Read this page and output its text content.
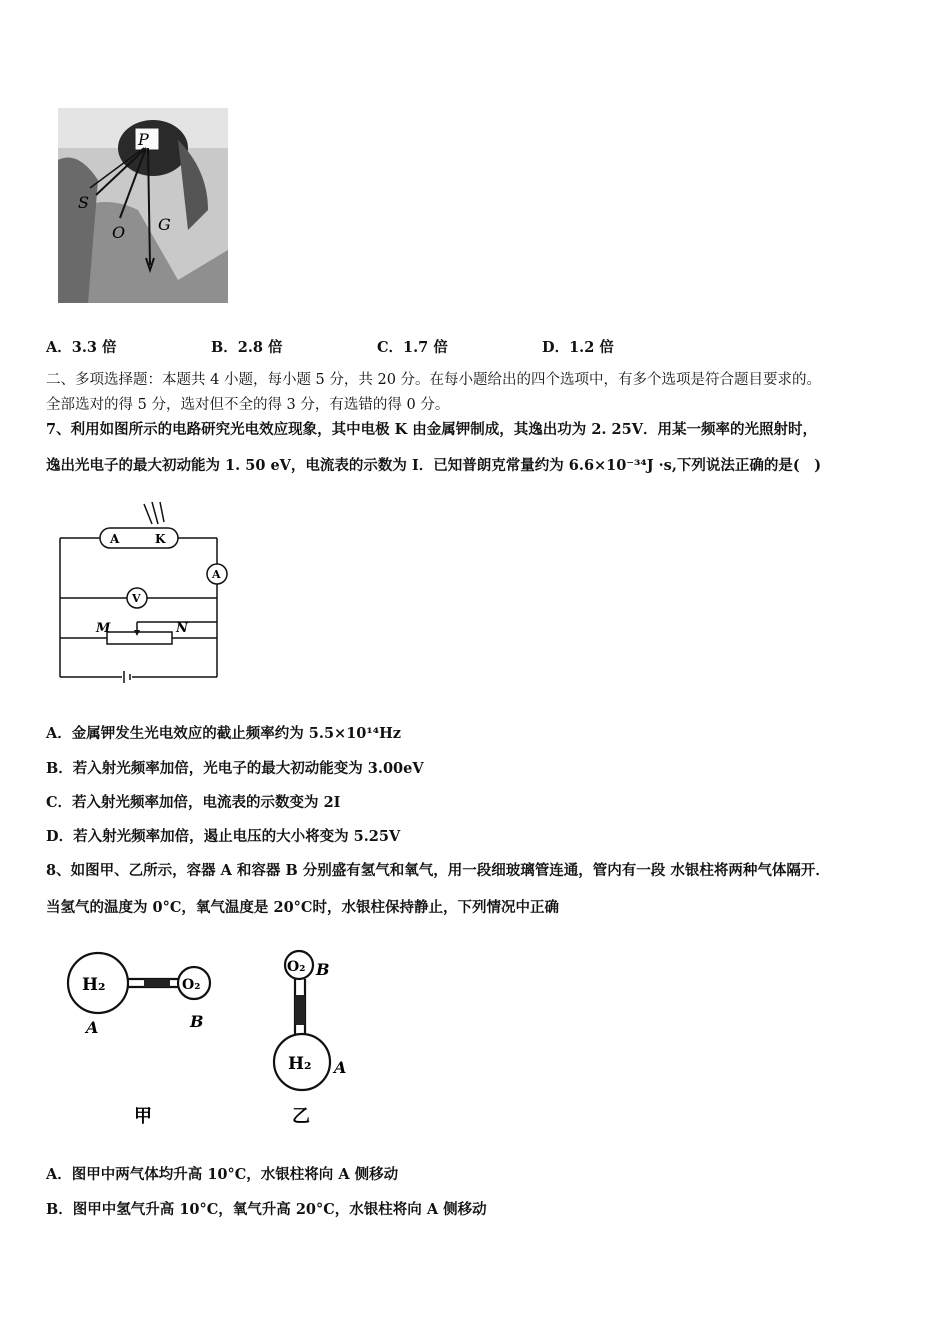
P
S
O G
A．3.3 倍	B．2.8 倍	C．1.7 倍	D．1.2 倍
二、多项选择题：本题共 4 小题，每小题 5 分，共 20 分。在每小题给出的四个选项中，有多个选项是符合题目要求的。
全部选对的得 5 分，选对但不全的得 3 分，有选错的得 0 分。
7、利用如图所示的电路研究光电效应现象，其中电极 K 由金属钾制成，其逸出功为 2. 25V．用某一频率的光照射时，
逸出光电子的最大初动能为 1. 50 eV，电流表的示数为 I．已知普朗克常量约为 6.6×10⁻³⁴J ·s,下列说法正确的是(　)
A	K
A
V
M	N
A．金属钾发生光电效应的截止频率约为 5.5×10¹⁴Hz
B．若入射光频率加倍，光电子的最大初动能变为 3.00eV
C．若入射光频率加倍，电流表的示数变为 2I
D．若入射光频率加倍，遏止电压的大小将变为 5.25V
8、如图甲、乙所示，容器 A 和容器 B 分别盛有氢气和氧气，用一段细玻璃管连通，管内有一段 水银柱将两种气体隔开．
当氢气的温度为 0°C，氧气温度是 20°C时，水银柱保持静止，下列情况中正确
H₂	O₂
A	B
甲
O₂ B
H₂ A
乙
A．图甲中两气体均升高 10°C，水银柱将向 A 侧移动
B．图甲中氢气升高 10°C，氧气升高 20°C，水银柱将向 A 侧移动
